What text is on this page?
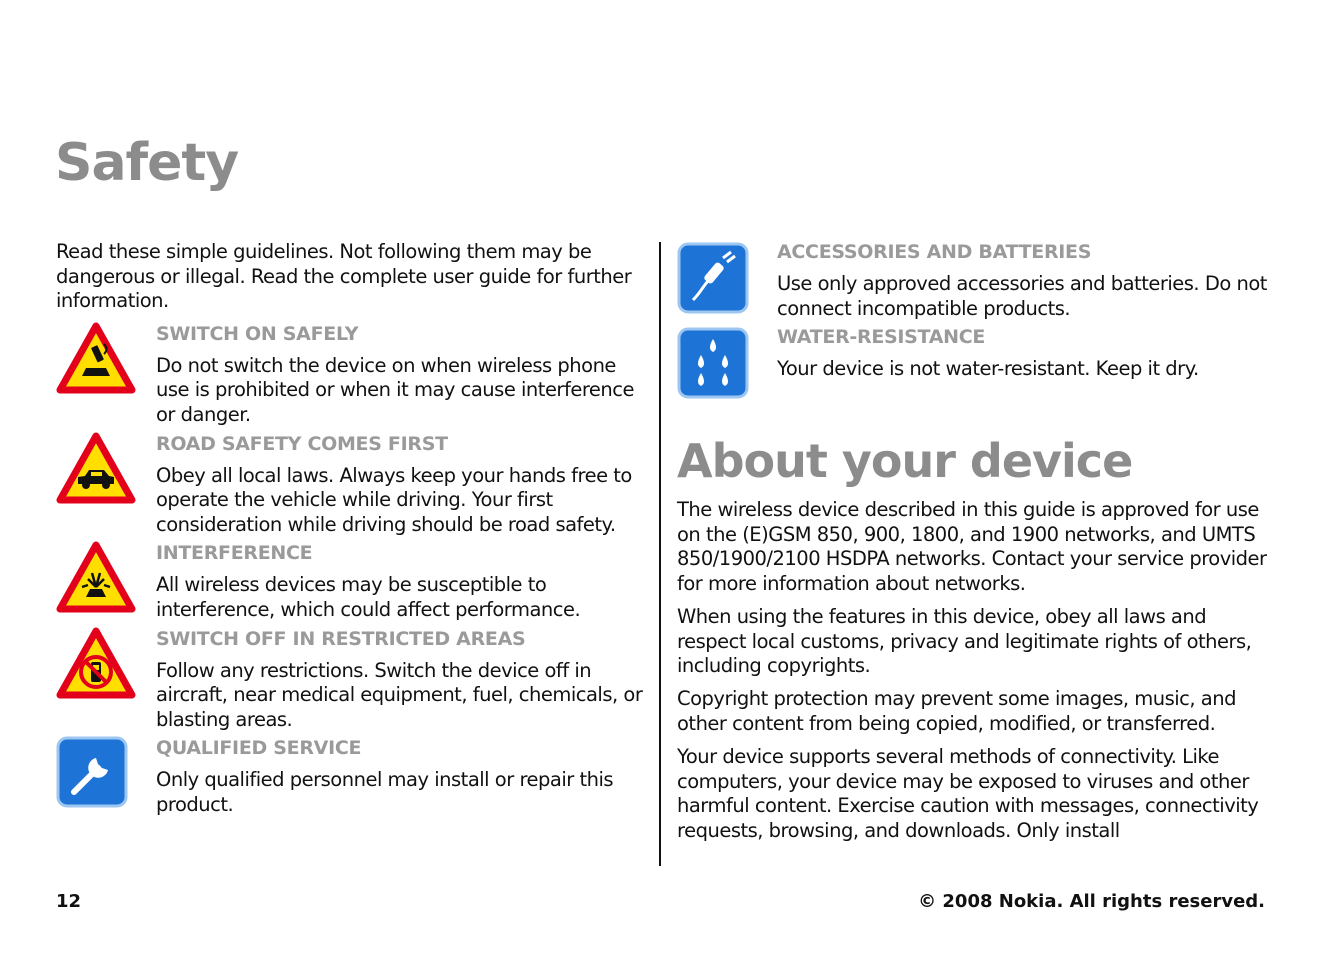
Safety

Read these simple guidelines. Not following them may be dangerous or illegal. Read the complete user guide for further information.

SWITCH ON SAFELY

Do not switch the device on when wireless phone use is prohibited or when it may cause interference or danger.

ROAD SAFETY COMES FIRST

Obey all local laws. Always keep your hands free to operate the vehicle while driving. Your first consideration while driving should be road safety.

INTERFERENCE

All wireless devices may be susceptible to interference, which could affect performance.

SWITCH OFF IN RESTRICTED AREAS

Follow any restrictions. Switch the device off in aircraft, near medical equipment, fuel, chemicals, or blasting areas.

QUALIFIED SERVICE

Only qualified personnel may install or repair this product.

ACCESSORIES AND BATTERIES

Use only approved accessories and batteries. Do not connect incompatible products.

WATER-RESISTANCE

Your device is not water-resistant. Keep it dry.

About your device

The wireless device described in this guide is approved for use on the (E)GSM 850, 900, 1800, and 1900 networks, and UMTS 850/1900/2100 HSDPA networks. Contact your service provider for more information about networks.

When using the features in this device, obey all laws and respect local customs, privacy and legitimate rights of others, including copyrights.

Copyright protection may prevent some images, music, and other content from being copied, modified, or transferred.

Your device supports several methods of connectivity. Like computers, your device may be exposed to viruses and other harmful content. Exercise caution with messages, connectivity requests, browsing, and downloads. Only install

12	© 2008 Nokia. All rights reserved.
